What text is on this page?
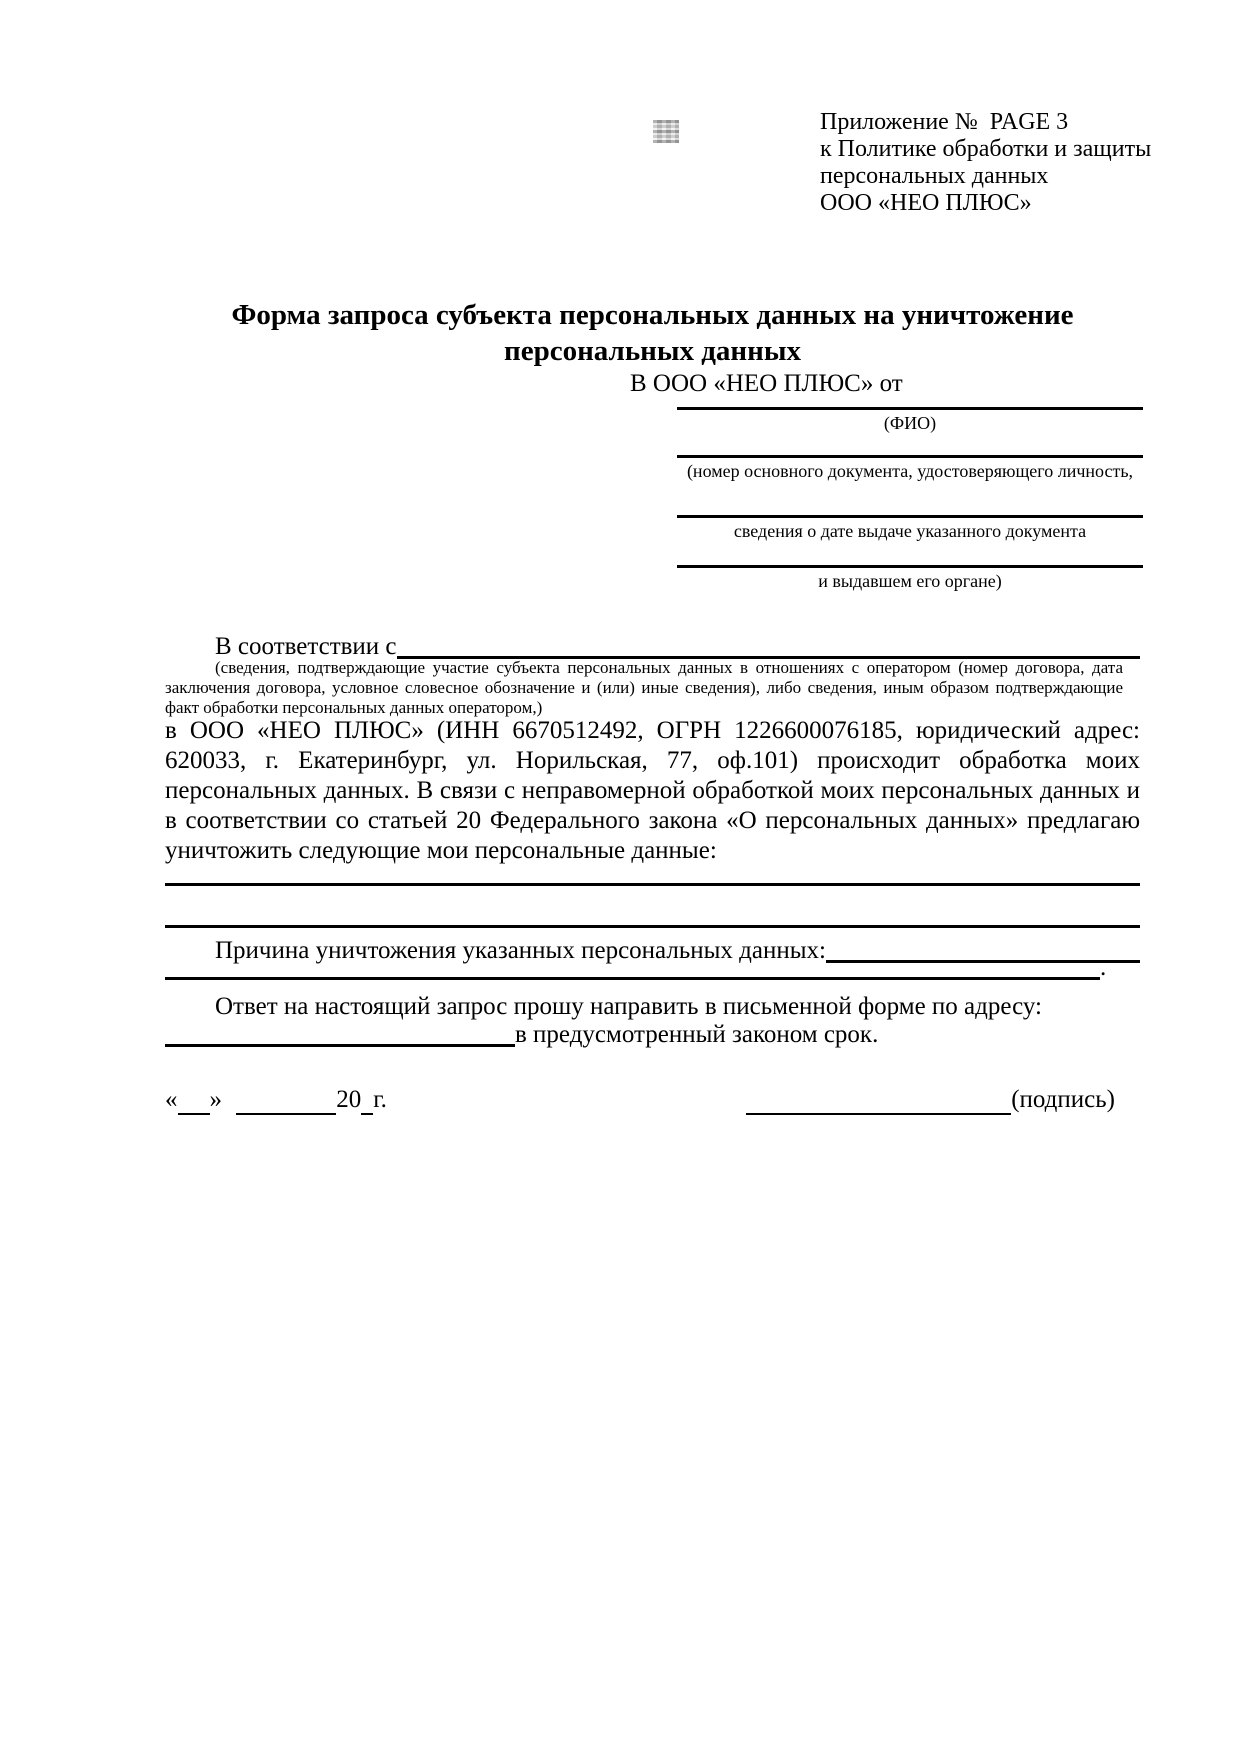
Приложение №  PAGE 3
к Политике обработки и защиты
персональных данных
ООО «НЕО ПЛЮС»
Форма запроса субъекта персональных данных на уничтожение
персональных данных
В ООО «НЕО ПЛЮС» от
(ФИО)
(номер основного документа, удостоверяющего личность,
сведения о дате выдаче указанного документа
и выдавшем его органе)
В соответствии с
(сведения, подтверждающие участие субъекта персональных данных в отношениях с оператором (номер договора, дата заключения договора, условное словесное обозначение и (или) иные сведения), либо сведения, иным образом подтверждающие факт обработки персональных данных оператором,)
в ООО «НЕО ПЛЮС» (ИНН 6670512492, ОГРН 1226600076185, юридический адрес: 620033, г. Екатеринбург, ул. Норильская, 77, оф.101) происходит обработка моих персональных данных. В связи с неправомерной обработкой моих персональных данных и в соответствии со статьей 20 Федерального закона «О персональных данных» предлагаю уничтожить следующие мои персональные данные:
Причина уничтожения указанных персональных данных:
.
Ответ на настоящий запрос прошу направить в письменной форме по адресу:
в предусмотренный законом срок.
« »	20 г.	(подпись)
